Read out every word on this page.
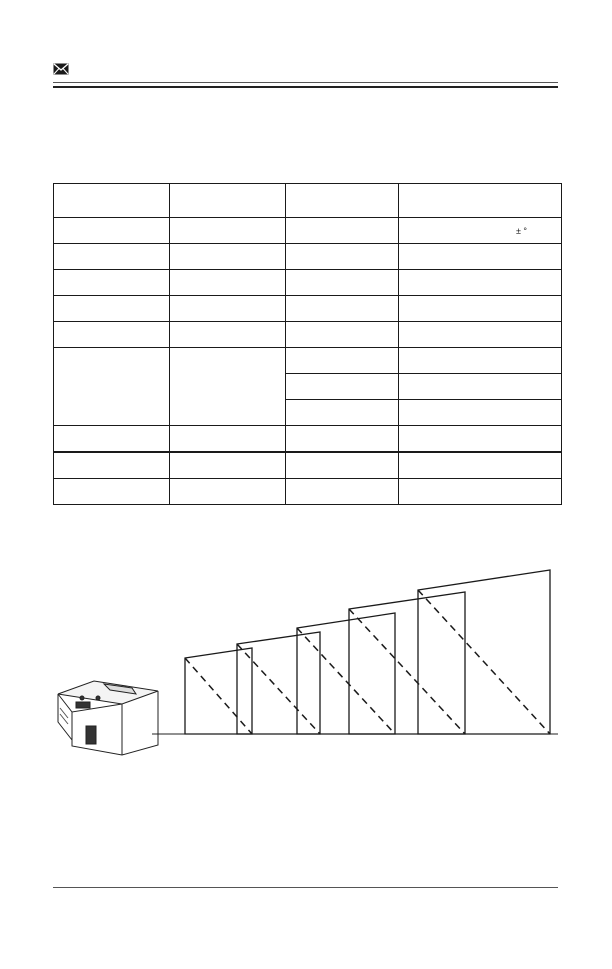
			± °
